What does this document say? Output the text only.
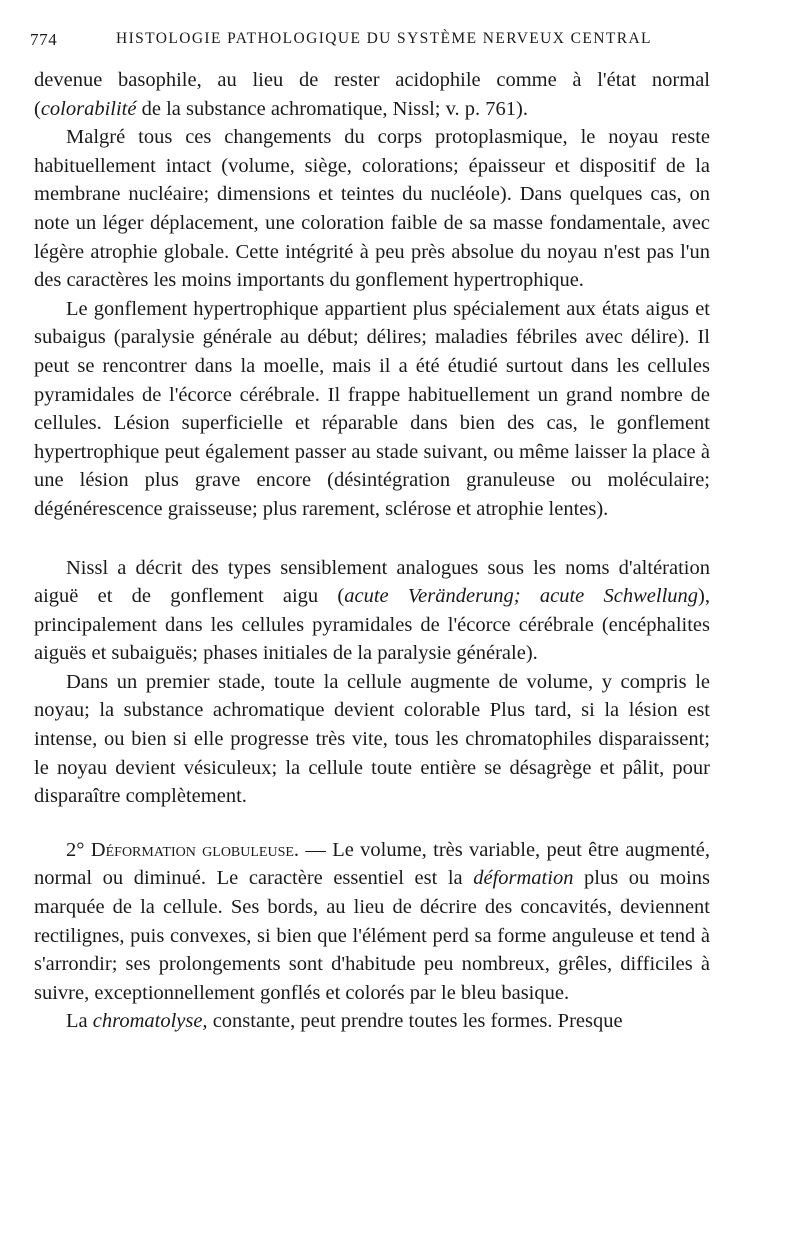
774	HISTOLOGIE PATHOLOGIQUE DU SYSTÈME NERVEUX CENTRAL

devenue basophile, au lieu de rester acidophile comme à l'état normal (colorabilité de la substance achromatique, Nissl; v. p. 761).

Malgré tous ces changements du corps protoplasmique, le noyau reste habituellement intact (volume, siège, colorations; épaisseur et dispositif de la membrane nucléaire; dimensions et teintes du nucléole). Dans quelques cas, on note un léger déplacement, une coloration faible de sa masse fondamentale, avec légère atrophie globale. Cette intégrité à peu près absolue du noyau n'est pas l'un des caractères les moins importants du gonflement hypertrophique.

Le gonflement hypertrophique appartient plus spécialement aux états aigus et subaigus (paralysie générale au début; délires; maladies fébriles avec délire). Il peut se rencontrer dans la moelle, mais il a été étudié surtout dans les cellules pyramidales de l'écorce cérébrale. Il frappe habituellement un grand nombre de cellules. Lésion superficielle et réparable dans bien des cas, le gonflement hypertrophique peut également passer au stade suivant, ou même laisser la place à une lésion plus grave encore (désintégration granuleuse ou moléculaire; dégénérescence graisseuse; plus rarement, sclérose et atrophie lentes).

Nissl a décrit des types sensiblement analogues sous les noms d'altération aiguë et de gonflement aigu (acute Veränderung; acute Schwellung), principalement dans les cellules pyramidales de l'écorce cérébrale (encéphalites aiguës et subaiguës; phases initiales de la paralysie générale).

Dans un premier stade, toute la cellule augmente de volume, y compris le noyau; la substance achromatique devient colorable Plus tard, si la lésion est intense, ou bien si elle progresse très vite, tous les chromatophiles disparaissent; le noyau devient vésiculeux; la cellule toute entière se désagrège et pâlit, pour disparaître complètement.

2° Déformation globuleuse. — Le volume, très variable, peut être augmenté, normal ou diminué. Le caractère essentiel est la déformation plus ou moins marquée de la cellule. Ses bords, au lieu de décrire des concavités, deviennent rectilignes, puis convexes, si bien que l'élément perd sa forme anguleuse et tend à s'arrondir; ses prolongements sont d'habitude peu nombreux, grêles, difficiles à suivre, exceptionnellement gonflés et colorés par le bleu basique.

La chromatolyse, constante, peut prendre toutes les formes. Presque
